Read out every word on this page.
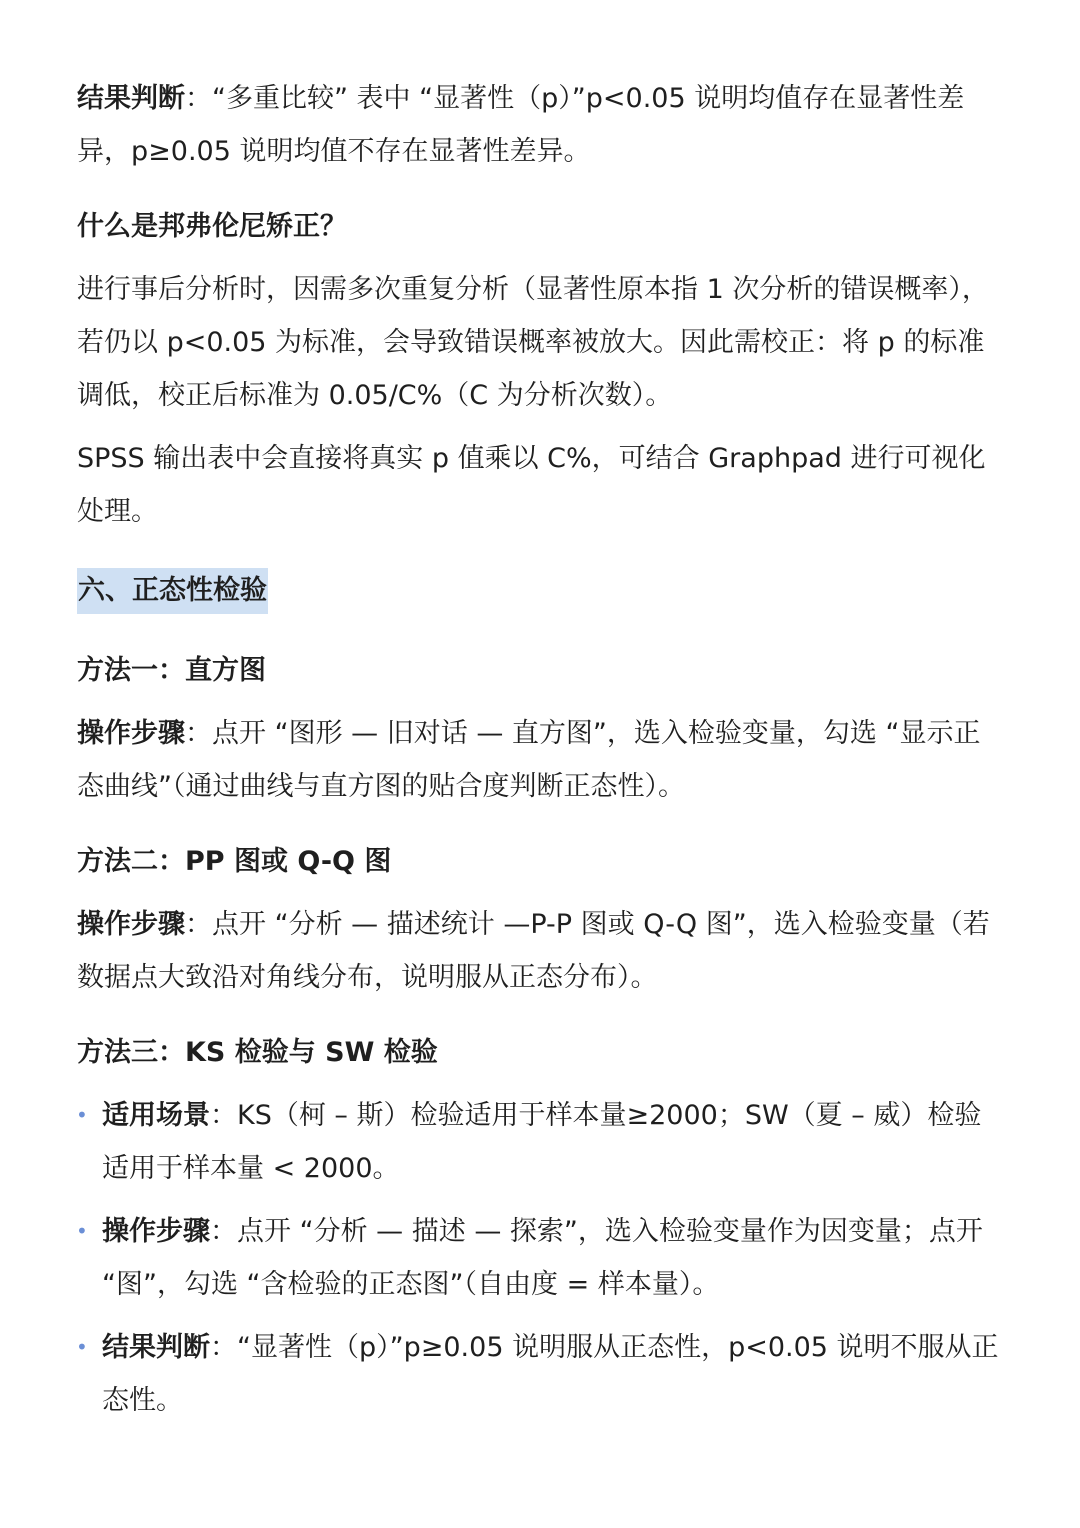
结果判断：“多重比较” 表中 “显著性（p）”p<0.05 说明均值存在显著性差异，p≥0.05 说明均值不存在显著性差异。

什么是邦弗伦尼矫正？

进行事后分析时，因需多次重复分析（显著性原本指 1 次分析的错误概率），若仍以 p<0.05 为标准，会导致错误概率被放大。因此需校正：将 p 的标准调低，校正后标准为 0.05/C%（C 为分析次数）。

SPSS 输出表中会直接将真实 p 值乘以 C%，可结合 Graphpad 进行可视化处理。

六、正态性检验

方法一：直方图

操作步骤：点开 “图形 — 旧对话 — 直方图”，选入检验变量，勾选 “显示正态曲线”（通过曲线与直方图的贴合度判断正态性）。

方法二：PP 图或 Q-Q 图

操作步骤：点开 “分析 — 描述统计 —P-P 图或 Q-Q 图”，选入检验变量（若数据点大致沿对角线分布，说明服从正态分布）。

方法三：KS 检验与 SW 检验

• 适用场景：KS（柯 – 斯）检验适用于样本量≥2000；SW（夏 – 威）检验适用于样本量 < 2000。

• 操作步骤：点开 “分析 — 描述 — 探索”，选入检验变量作为因变量；点开 “图”，勾选 “含检验的正态图”（自由度 = 样本量）。

• 结果判断：“显著性（p）”p≥0.05 说明服从正态性，p<0.05 说明不服从正态性。
